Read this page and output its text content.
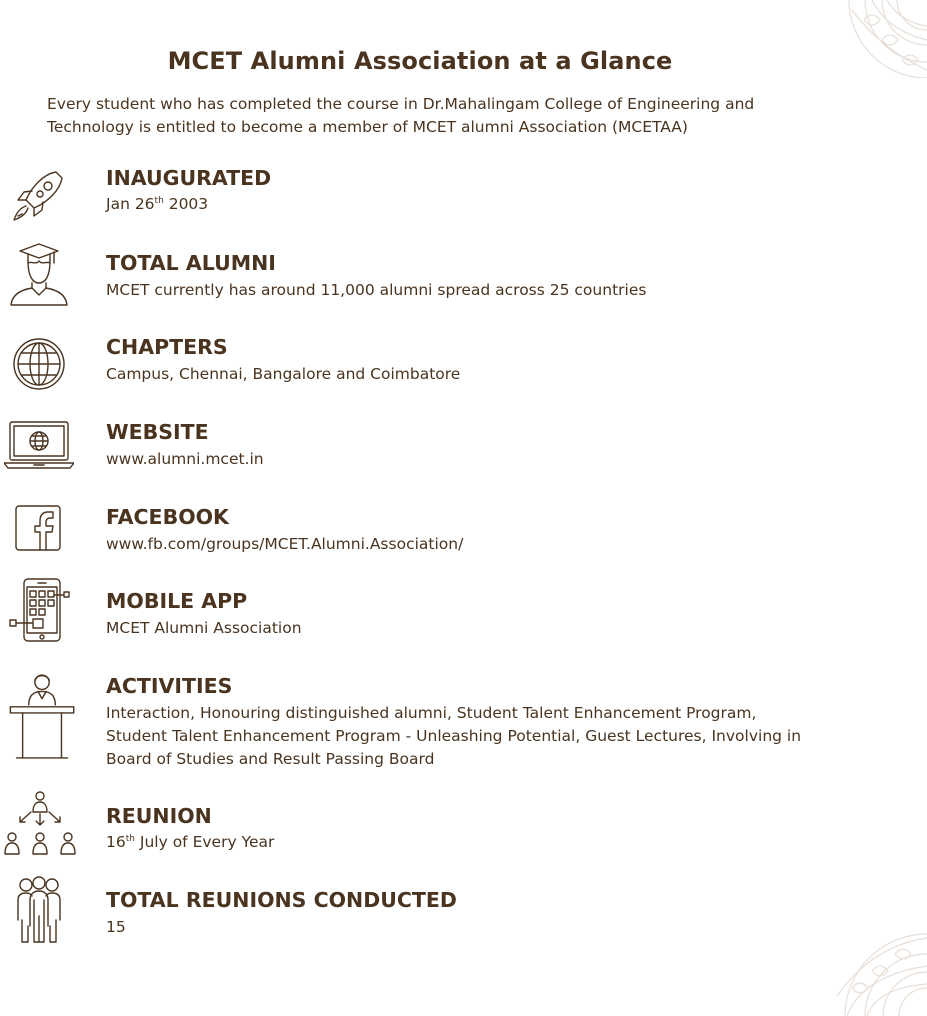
MCET Alumni Association at a Glance
Every student who has completed the course in Dr.Mahalingam College of Engineering and Technology is entitled to become a member of MCET alumni Association (MCETAA)
INAUGURATED
Jan 26th 2003
TOTAL ALUMNI
MCET currently has around 11,000 alumni spread across 25 countries
CHAPTERS
Campus, Chennai, Bangalore and Coimbatore
WEBSITE
www.alumni.mcet.in
FACEBOOK
www.fb.com/groups/MCET.Alumni.Association/
MOBILE APP
MCET Alumni Association
ACTIVITIES
Interaction, Honouring distinguished alumni, Student Talent Enhancement Program, Student Talent Enhancement Program - Unleashing Potential, Guest Lectures, Involving in Board of Studies and Result Passing Board
REUNION
16th July of Every Year
TOTAL REUNIONS CONDUCTED
15
